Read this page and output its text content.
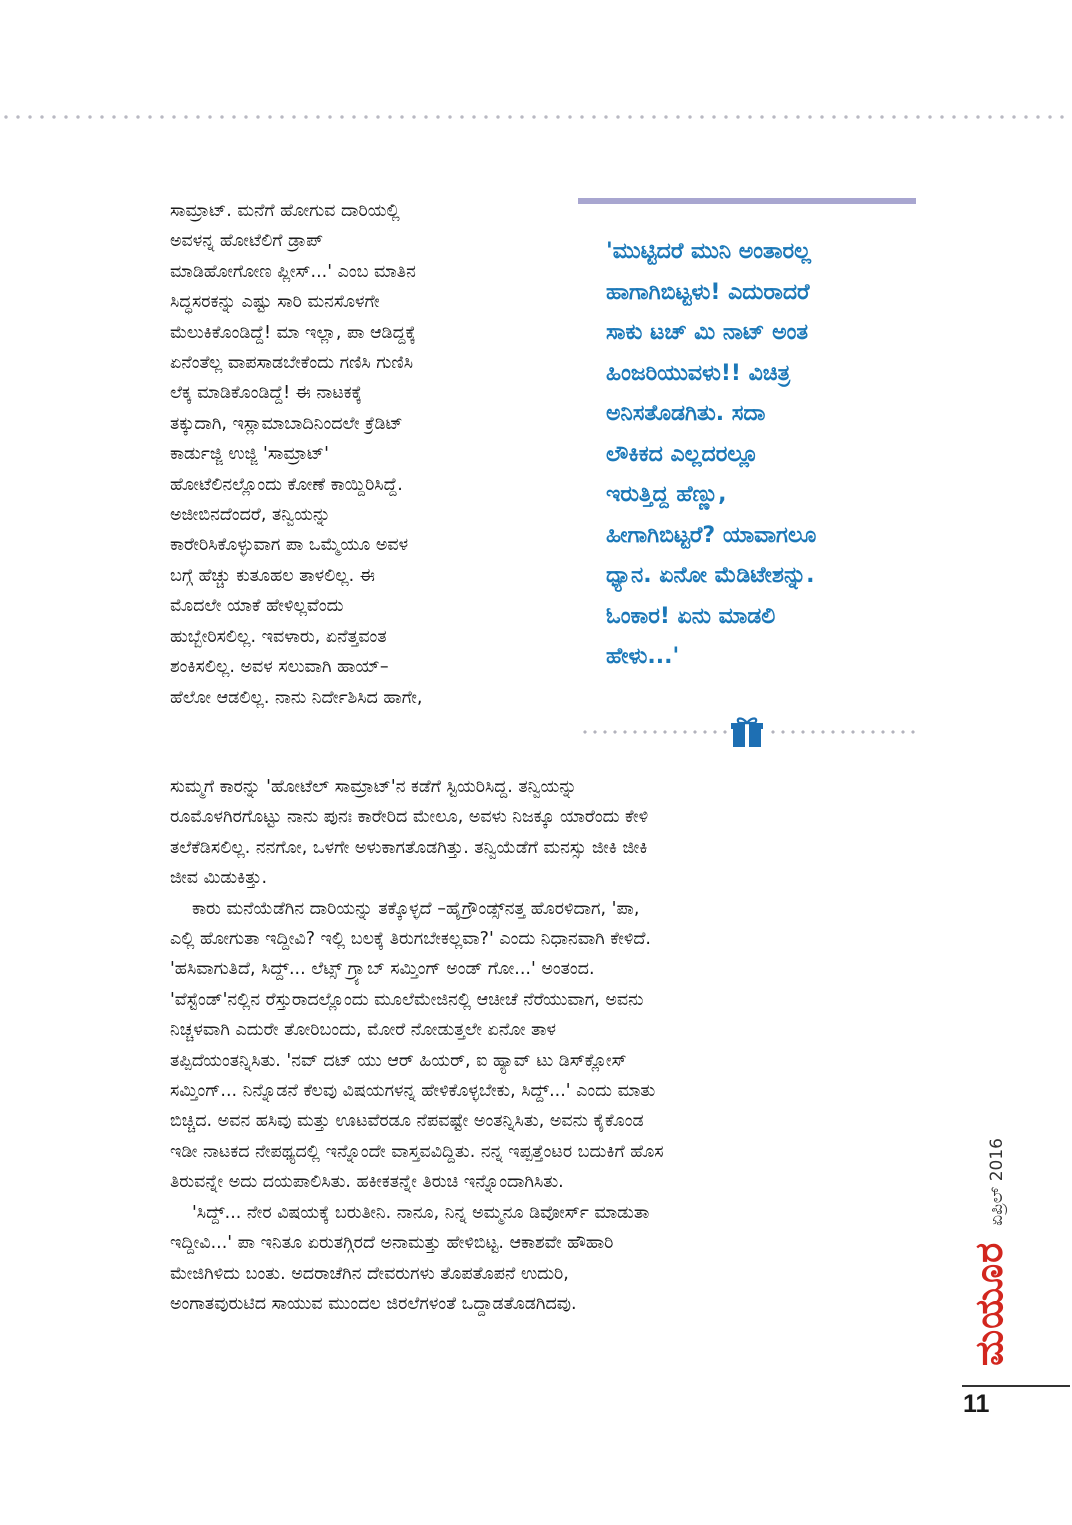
ಸಾಮ್ರಾಟ್. ಮನೆಗೆ ಹೋಗುವ ದಾರಿಯಲ್ಲಿ
ಅವಳನ್ನ ಹೋಟೆಲಿಗೆ ಡ್ರಾಪ್
ಮಾಡಿಹೋಗೋಣ ಪ್ಲೀಸ್...' ಎಂಬ ಮಾತಿನ
ಸಿದ್ಧಸರಕನ್ನು ಎಷ್ಟು ಸಾರಿ ಮನಸೊಳಗೇ
ಮೆಲುಕಿಕೊಂಡಿದ್ದೆ! ಮಾ ಇಲ್ಲಾ, ಪಾ ಆಡಿದ್ದಕ್ಕೆ
ಏನೆಂತೆಲ್ಲ ವಾಪಸಾಡಬೇಕೆಂದು ಗಣಿಸಿ ಗುಣಿಸಿ
ಲೆಕ್ಕ ಮಾಡಿಕೊಂಡಿದ್ದೆ! ಈ ನಾಟಕಕ್ಕೆ
ತಕ್ಕುದಾಗಿ, ಇಸ್ಲಾಮಾಬಾದಿನಿಂದಲೇ ಕ್ರೆಡಿಟ್
ಕಾರ್ಡುಜ್ಜಿ ಉಜ್ಜಿ 'ಸಾಮ್ರಾಟ್'
ಹೋಟೆಲಿನಲ್ಲೊಂದು ಕೋಣೆ ಕಾಯ್ದಿರಿಸಿದ್ದೆ.
ಅಜೀಬಿನದೆಂದರೆ, ತನ್ವಿಯನ್ನು
ಕಾರೇರಿಸಿಕೊಳ್ಳುವಾಗ ಪಾ ಒಮ್ಮೆಯೂ ಅವಳ
ಬಗ್ಗೆ ಹೆಚ್ಚು ಕುತೂಹಲ ತಾಳಲಿಲ್ಲ. ಈ
ಮೊದಲೇ ಯಾಕೆ ಹೇಳಿಲ್ಲವೆಂದು
ಹುಬ್ಬೇರಿಸಲಿಲ್ಲ. ಇವಳಾರು, ಏನೆತ್ತವಂತ
ಶಂಕಿಸಲಿಲ್ಲ. ಅವಳ ಸಲುವಾಗಿ ಹಾಯ್–
ಹೆಲೋ ಆಡಲಿಲ್ಲ. ನಾನು ನಿರ್ದೇಶಿಸಿದ ಹಾಗೇ,
'ಮುಟ್ಟಿದರೆ ಮುನಿ ಅಂತಾರಲ್ಲ
ಹಾಗಾಗಿಬಿಟ್ಟಳು! ಎದುರಾದರೆ
ಸಾಕು ಟಚ್ ಮಿ ನಾಟ್ ಅಂತ
ಹಿಂಜರಿಯುವಳು!! ವಿಚಿತ್ರ
ಅನಿಸತೊಡಗಿತು. ಸದಾ
ಲೌಕಿಕದ ಎಲ್ಲದರಲ್ಲೂ
ಇರುತ್ತಿದ್ದ ಹೆಣ್ಣು,
ಹೀಗಾಗಿಬಿಟ್ಟರೆ? ಯಾವಾಗಲೂ
ಧ್ಯಾನ. ಏನೋ ಮೆಡಿಟೇಶನ್ನು.
ಓಂಕಾರ! ಏನು ಮಾಡಲಿ
ಹೇಳು...'
ಸುಮ್ಮಗೆ ಕಾರನ್ನು 'ಹೋಟೆಲ್ ಸಾಮ್ರಾಟ್'ನ ಕಡೆಗೆ ಸ್ಟಿಯರಿಸಿದ್ದ. ತನ್ವಿಯನ್ನು
ರೂಮೊಳಗಿರಗೊಟ್ಟು ನಾನು ಪುನಃ ಕಾರೇರಿದ ಮೇಲೂ, ಅವಳು ನಿಜಕ್ಕೂ ಯಾರೆಂದು ಕೇಳಿ
ತಲೆಕೆಡಿಸಲಿಲ್ಲ. ನನಗೋ, ಒಳಗೇ ಅಳುಕಾಗತೊಡಗಿತ್ತು. ತನ್ವಿಯೆಡೆಗೆ ಮನಸ್ಸು ಜೀಕಿ ಜೀಕಿ
ಜೀವ ಮಿಡುಕಿತ್ತು.
ಕಾರು ಮನೆಯೆಡೆಗಿನ ದಾರಿಯನ್ನು ತಕ್ಕೊಳ್ಳದೆ –ಹೈಗ್ರೌಂಡ್ಸ್‌ನತ್ತ ಹೊರಳಿದಾಗ, 'ಪಾ,
ಎಲ್ಲಿ ಹೋಗುತಾ ಇದ್ದೀವಿ? ಇಲ್ಲಿ ಬಲಕ್ಕೆ ತಿರುಗಬೇಕಲ್ಲವಾ?' ಎಂದು ನಿಧಾನವಾಗಿ ಕೇಳಿದೆ.
'ಹಸಿವಾಗುತಿದೆ, ಸಿದ್ದ್... ಲೆಟ್ಸ್ ಗ್ರ್ಯಾಬ್ ಸಮ್ತಿಂಗ್ ಅಂಡ್ ಗೋ...' ಅಂತಂದ.
'ವೆಸ್ಟೆಂಡ್'ನಲ್ಲಿನ ರೆಸ್ತುರಾದಲ್ಲೊಂದು ಮೂಲೆಮೇಜಿನಲ್ಲಿ ಆಚೀಚೆ ನೆರೆಯುವಾಗ, ಅವನು
ನಿಚ್ಚಳವಾಗಿ ಎದುರೇ ತೋರಿಬಂದು, ಮೋರೆ ನೋಡುತ್ತಲೇ ಏನೋ ತಾಳ
ತಪ್ಪಿದೆಯಂತನ್ನಿಸಿತು. 'ನವ್ ದಟ್ ಯು ಆರ್ ಹಿಯರ್, ಐ ಹ್ಯಾವ್ ಟು ಡಿಸ್‌ಕ್ಲೋಸ್
ಸಮ್ತಿಂಗ್... ನಿನ್ನೊಡನೆ ಕೆಲವು ವಿಷಯಗಳನ್ನ ಹೇಳಿಕೊಳ್ಳಬೇಕು, ಸಿದ್ದ್...' ಎಂದು ಮಾತು
ಬಿಚ್ಚಿದ. ಅವನ ಹಸಿವು ಮತ್ತು ಊಟವೆರಡೂ ನೆಪವಷ್ಟೇ ಅಂತನ್ನಿಸಿತು, ಅವನು ಕೈಕೊಂಡ
ಇಡೀ ನಾಟಕದ ನೇಪಥ್ಯದಲ್ಲಿ ಇನ್ನೊಂದೇ ವಾಸ್ತವವಿದ್ದಿತು. ನನ್ನ ಇಪ್ಪತ್ತೆಂಟರ ಬದುಕಿಗೆ ಹೊಸ
ತಿರುವನ್ನೇ ಅದು ದಯಪಾಲಿಸಿತು. ಹಕೀಕತನ್ನೇ ತಿರುಚಿ ಇನ್ನೊಂದಾಗಿಸಿತು.
'ಸಿದ್ದ್... ನೇರ ವಿಷಯಕ್ಕೆ ಬರುತೀನಿ. ನಾನೂ, ನಿನ್ನ ಅಮ್ಮನೂ ಡಿವೋರ್ಸ್ ಮಾಡುತಾ
ಇದ್ದೀವಿ...' ಪಾ ಇನಿತೂ ಏರುತಗ್ಗಿರದೆ ಅನಾಮತ್ತು ಹೇಳಿಬಿಟ್ಟ. ಆಕಾಶವೇ ಹೌಹಾರಿ
ಮೇಜಿಗಿಳಿದು ಬಂತು. ಅದರಾಚೆಗಿನ ದೇವರುಗಳು ತೊಪತೊಪನೆ ಉದುರಿ,
ಅಂಗಾತವುರುಟಿದ ಸಾಯುವ ಮುಂದಲ ಜಿರಲೆಗಳಂತೆ ಒದ್ದಾಡತೊಡಗಿದವು.	ಮಯೂರ
ಏಪ್ರಿಲ್ 2016
11
